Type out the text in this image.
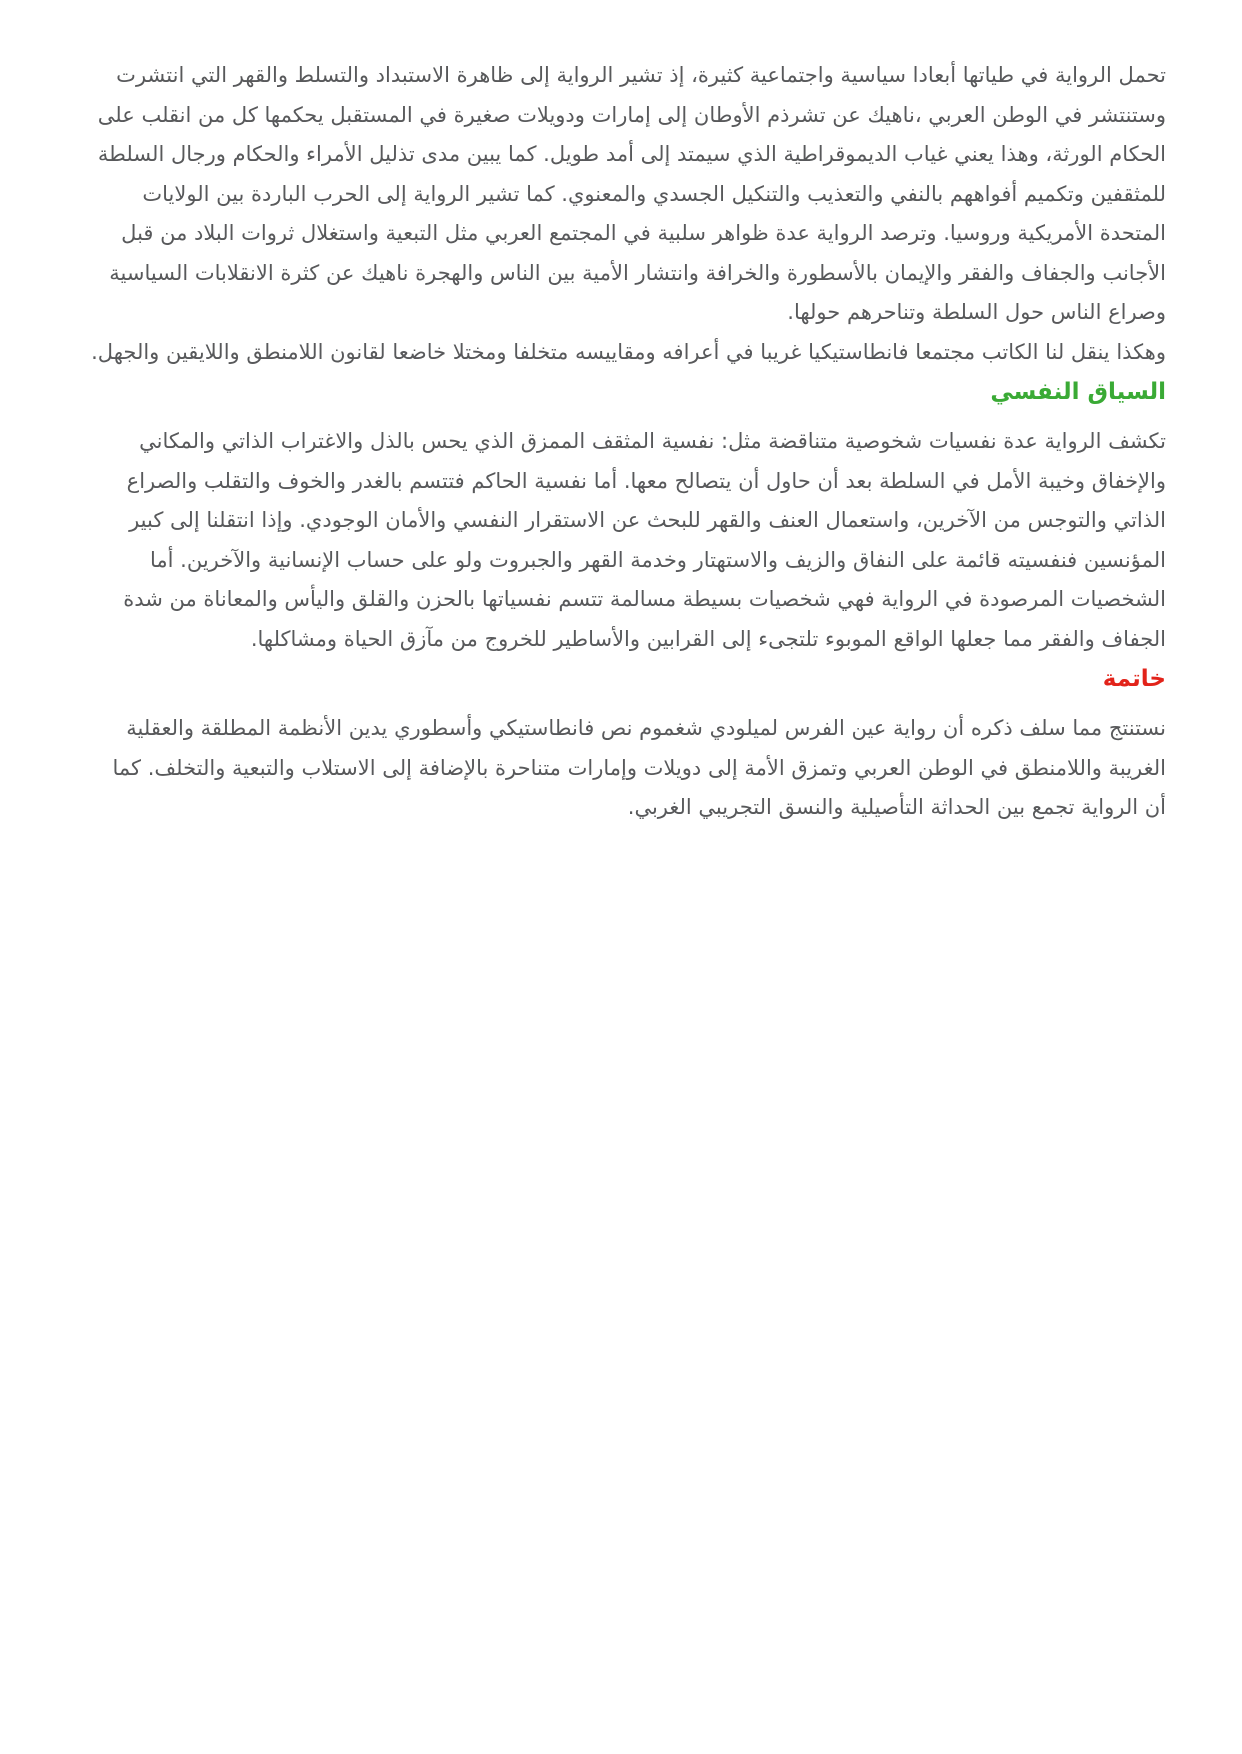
تحمل الرواية في طياتها أبعادا سياسية واجتماعية كثيرة، إذ تشير الرواية إلى ظاهرة الاستبداد والتسلط والقهر التي انتشرت وستنتشر في الوطن العربي ،ناهيك عن تشرذم الأوطان إلى إمارات ودويلات صغيرة في المستقبل يحكمها كل من انقلب على الحكام الورثة، وهذا يعني غياب الديموقراطية الذي سيمتد إلى أمد طويل. كما يبين مدى تذليل الأمراء والحكام ورجال السلطة للمثقفين وتكميم أفواههم بالنفي والتعذيب والتنكيل الجسدي والمعنوي. كما تشير الرواية إلى الحرب الباردة بين الولايات المتحدة الأمريكية وروسيا. وترصد الرواية عدة ظواهر سلبية في المجتمع العربي مثل التبعية واستغلال ثروات البلاد من قبل الأجانب والجفاف والفقر والإيمان بالأسطورة والخرافة وانتشار الأمية بين الناس والهجرة ناهيك عن كثرة الانقلابات السياسية وصراع الناس حول السلطة وتناحرهم حولها.

وهكذا ينقل لنا الكاتب مجتمعا فانطاستيكيا غريبا في أعرافه ومقاييسه متخلفا ومختلا خاضعا لقانون اللامنطق واللايقين والجهل.

السياق النفسي

تكشف الرواية عدة نفسيات شخوصية متناقضة مثل: نفسية المثقف الممزق الذي يحس بالذل والاغتراب الذاتي والمكاني والإخفاق وخيبة الأمل في السلطة بعد أن حاول أن يتصالح معها. أما نفسية الحاكم فتتسم بالغدر والخوف والتقلب والصراع الذاتي والتوجس من الآخرين، واستعمال العنف والقهر للبحث عن الاستقرار النفسي والأمان الوجودي. وإذا انتقلنا إلى كبير المؤنسين فنفسيته قائمة على النفاق والزيف والاستهتار وخدمة القهر والجبروت ولو على حساب الإنسانية والآخرين. أما الشخصيات المرصودة في الرواية فهي شخصيات بسيطة مسالمة تتسم نفسياتها بالحزن والقلق واليأس والمعاناة من شدة الجفاف والفقر مما جعلها الواقع الموبوء تلتجىء إلى القرابين والأساطير للخروج من مآزق الحياة ومشاكلها.

خاتمة

نستنتج مما سلف ذكره أن رواية عين الفرس لميلودي شغموم نص فانطاستيكي وأسطوري يدين الأنظمة المطلقة والعقلية الغريبة واللامنطق في الوطن العربي وتمزق الأمة إلى دويلات وإمارات متناحرة بالإضافة إلى الاستلاب والتبعية والتخلف. كما أن الرواية تجمع بين الحداثة التأصيلية والنسق التجريبي الغربي.
